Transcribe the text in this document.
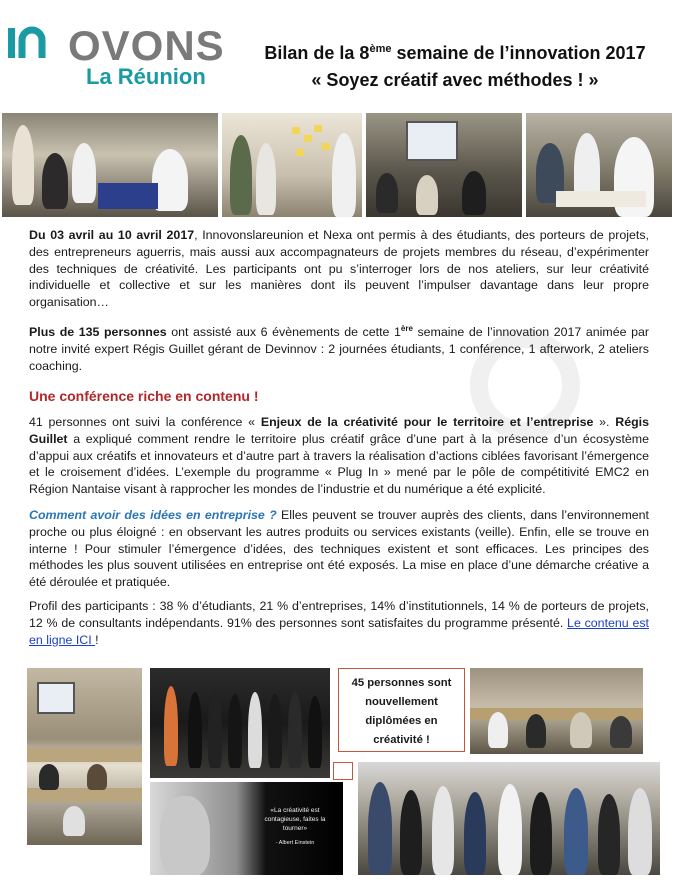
OVONS
La Réunion
Bilan de la 8ème semaine de l’innovation 2017
« Soyez créatif avec méthodes ! »
Du 03 avril au 10 avril 2017, Innovonslareunion et Nexa ont permis à des étudiants, des porteurs de projets, des entrepreneurs aguerris, mais aussi aux accompagnateurs de projets membres du réseau, d’expérimenter des techniques de créativité. Les participants ont pu s’interroger lors de nos ateliers, sur leur créativité individuelle et collective et sur les manières dont ils peuvent l’impulser davantage dans leur propre organisation…
Plus de 135 personnes ont assisté aux 6 évènements de cette 1ère semaine de l’innovation 2017 animée par notre invité expert Régis Guillet gérant de Devinnov : 2 journées étudiants, 1 conférence, 1 afterwork, 2 ateliers coaching.
Une conférence riche en contenu !
41 personnes ont suivi la conférence « Enjeux de la créativité pour le territoire et l’entreprise ». Régis Guillet a expliqué comment rendre le territoire plus créatif grâce d’une part à la présence d’un écosystème d’appui aux créatifs et innovateurs et d’autre part à travers la réalisation d’actions ciblées favorisant l’émergence et le croisement d’idées. L’exemple du programme « Plug In » mené par le pôle de compétitivité EMC2 en Région Nantaise visant à rapprocher les mondes de l’industrie et du numérique a été explicité.
Comment avoir des idées en entreprise ? Elles peuvent se trouver auprès des clients, dans l’environnement proche ou plus éloigné : en observant les autres produits ou services existants (veille). Enfin, elle se trouve en interne ! Pour stimuler l’émergence d’idées, des techniques existent et sont efficaces. Les principes des méthodes les plus souvent utilisées en entreprise ont été exposés. La mise en place d’une démarche créative a été déroulée et pratiquée.
Profil des participants : 38 % d’étudiants, 21 % d’entreprises, 14% d’institutionnels, 14 % de porteurs de projets, 12 % de consultants indépendants. 91% des personnes sont satisfaites du programme présenté. Le contenu est en ligne ICI !
45 personnes sont
nouvellement
diplômées en
créativité !
«La créativité est contagieuse, faites la tourner»
- Albert Einstein
